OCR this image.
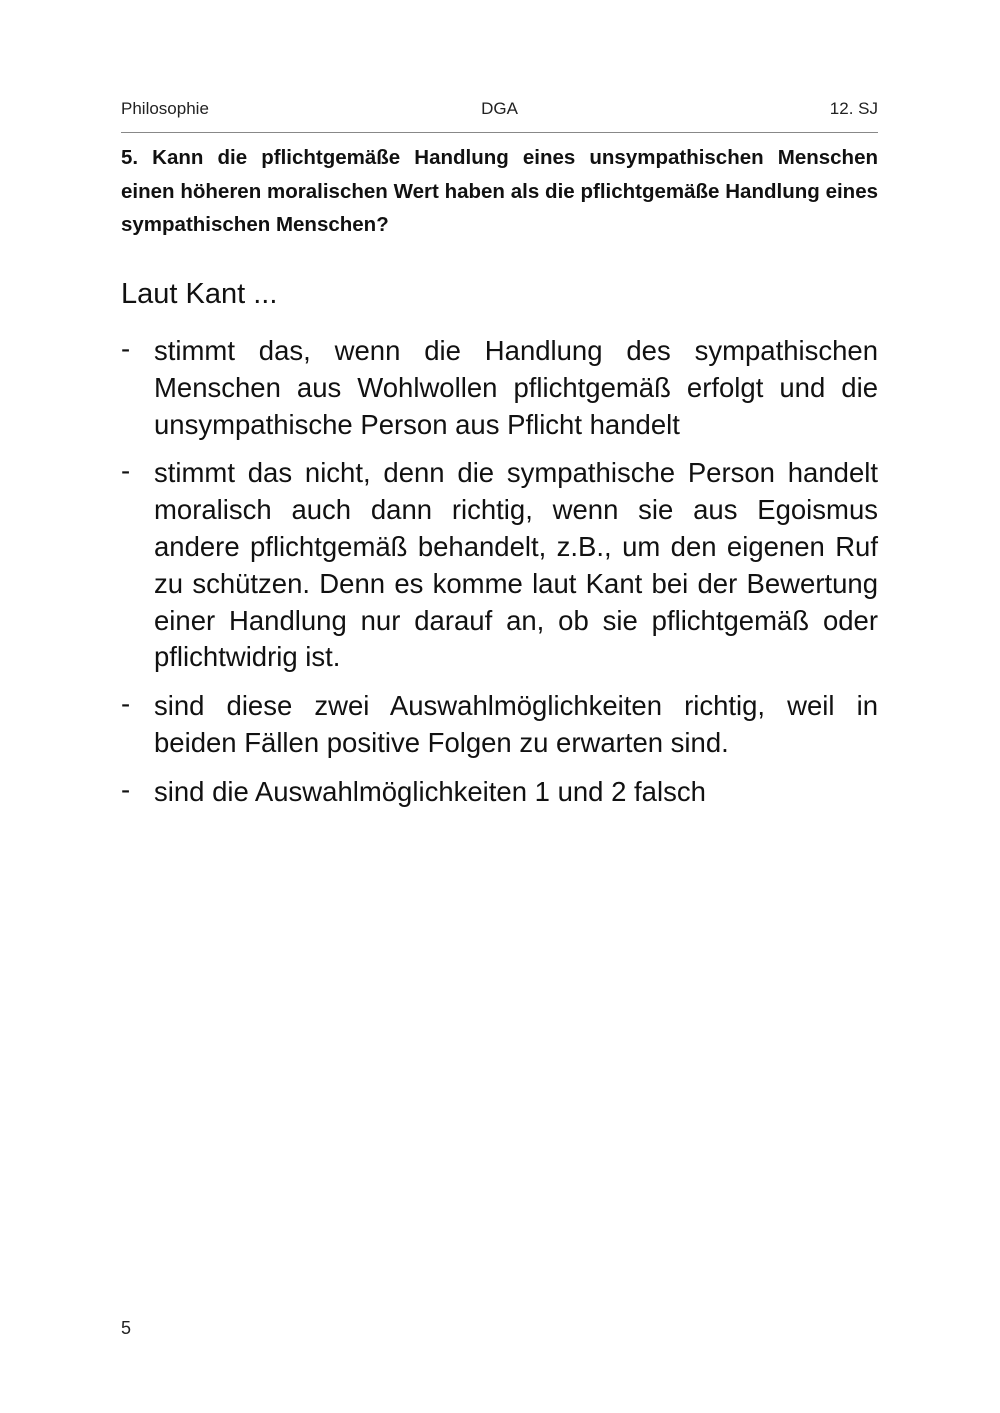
Philosophie	DGA	12. SJ
5. Kann die pflichtgemäße Handlung eines unsympathischen Menschen einen höheren moralischen Wert haben als die pflichtgemäße Handlung eines sympathischen Menschen?
Laut Kant ...
- stimmt das, wenn die Handlung des sympathischen Menschen aus Wohlwollen pflichtgemäß erfolgt und die unsympathische Person aus Pflicht handelt
- stimmt das nicht, denn die sympathische Person handelt moralisch auch dann richtig, wenn sie aus Egoismus andere pflichtgemäß behandelt, z.B., um den eigenen Ruf zu schützen. Denn es komme laut Kant bei der Bewertung einer Handlung nur darauf an, ob sie pflichtgemäß oder pflichtwidrig ist.
- sind diese zwei Auswahlmöglichkeiten richtig, weil in beiden Fällen positive Folgen zu erwarten sind.
- sind die Auswahlmöglichkeiten 1 und 2 falsch
5
